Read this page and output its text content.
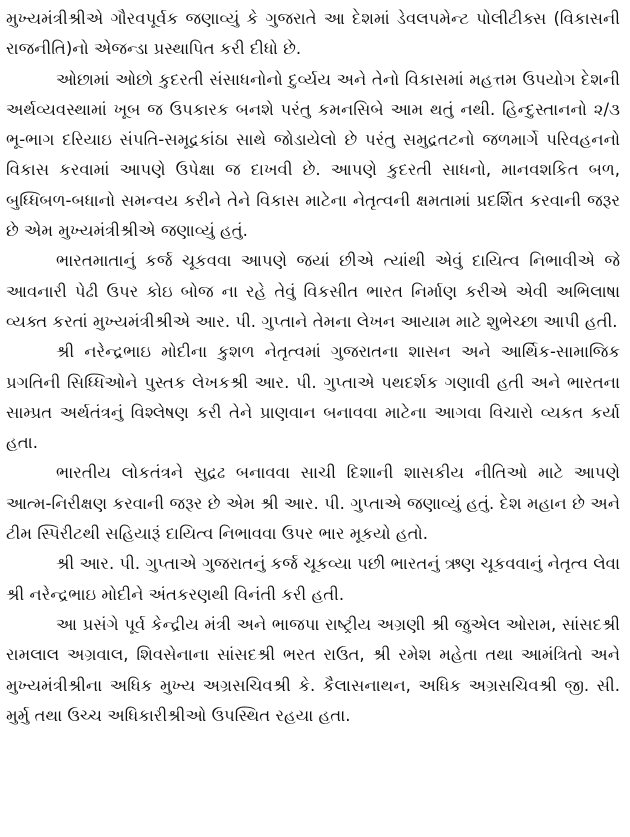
મુખ્યમંત્રીશ્રીએ ગૌરવપૂર્વક જણાવ્યું કે ગુજરાતે આ દેશમાં ડેવલપમેન્ટ પોલીટીક્સ (વિકાસની રાજનીતિ)નો એજન્ડા પ્રસ્થાપિત કરી દીધો છે.

ઓછામાં ઓછો કુદરતી સંસાધનોનો દુર્વ્યય અને તેનો વિકાસમાં મહત્તમ ઉપયોગ દેશની અર્થવ્યવસ્થામાં ખૂબ જ ઉપકારક બનશે પરંતુ કમનસિબે આમ થતું નથી. હિન્દુસ્તાનનો ૨/૩ ભૂ-ભાગ દરિયાઇ સંપતિ-સમૂદ્રકાંઠા સાથે જોડાયેલો છે પરંતુ સમુદ્રતટનો જળમાર્ગે પરિવહનનો વિકાસ કરવામાં આપણે ઉપેક્ષા જ દાખવી છે. આપણે કુદરતી સાધનો, માનવશકિત બળ, બુધ્ધિબળ-બધાનો સમન્વય કરીને તેને વિકાસ માટેના નેતૃત્વની ક્ષમતામાં પ્રદર્શિત કરવાની જરૂર છે એમ મુખ્યમંત્રીશ્રીએ જણાવ્યું હતું.

ભારતમાતાનું કર્જ ચૂકવવા આપણે જયાં છીએ ત્યાંથી એવું દાયિત્વ નિભાવીએ જે આવનારી પેઢી ઉપર કોઇ બોજ ના રહે તેવું વિકસીત ભારત નિર્માણ કરીએ એવી અભિલાષા વ્યક્ત કરતાં મુખ્યમંત્રીશ્રીએ આર. પી. ગુપ્તાને તેમના લેખન આયામ માટે શુભેચ્છા આપી હતી.

શ્રી નરેન્દ્રભાઇ મોદીના કુશળ નેતૃત્વમાં ગુજરાતના શાસન અને આર્થિક-સામાજિક પ્રગતિની સિધ્ધિઓને પુસ્તક લેખકશ્રી આર. પી. ગુપ્તાએ પથદર્શક ગણાવી હતી અને ભારતના સામ્પ્રત અર્થતંત્રનું વિશ્લેષણ કરી તેને પ્રાણવાન બનાવવા માટેના આગવા વિચારો વ્યકત કર્યા હતા.

ભારતીય લોકતંત્રને સુદ્રઢ બનાવવા સાચી દિશાની શાસકીય નીતિઓ માટે આપણે આત્મ-નિરીક્ષણ કરવાની જરૂર છે એમ શ્રી આર. પી. ગુપ્તાએ જણાવ્યું હતું. દેશ મહાન છે અને ટીમ સ્પિરીટથી સહિયારૂં દાયિત્વ નિભાવવા ઉપર ભાર મૂકયો હતો.

શ્રી આર. પી. ગુપ્તાએ ગુજરાતનું કર્જ ચૂકવ્યા પછી ભારતનું ઋણ ચૂકવવાનું નેતૃત્વ લેવા શ્રી નરેન્દ્રભાઇ મોદીને અંતકરણથી વિનંતી કરી હતી.

આ પ્રસંગે પૂર્વ કેન્દ્રીય મંત્રી અને ભાજપા રાષ્ટ્રીય અગ્રણી શ્રી જુએલ ઓરામ, સાંસદશ્રી રામલાલ અગ્રવાલ, શિવસેનાના સાંસદશ્રી ભરત રાઉત, શ્રી રમેશ મહેતા તથા આમંત્રિતો અને મુખ્યમંત્રીશ્રીના અધિક મુખ્ય અગ્રસચિવશ્રી કે. કૈલાસનાથન, અધિક અગ્રસચિવશ્રી જી. સી. મુર્મુ તથા ઉચ્ચ અધિકારીશ્રીઓ ઉપસ્થિત રહયા હતા.
